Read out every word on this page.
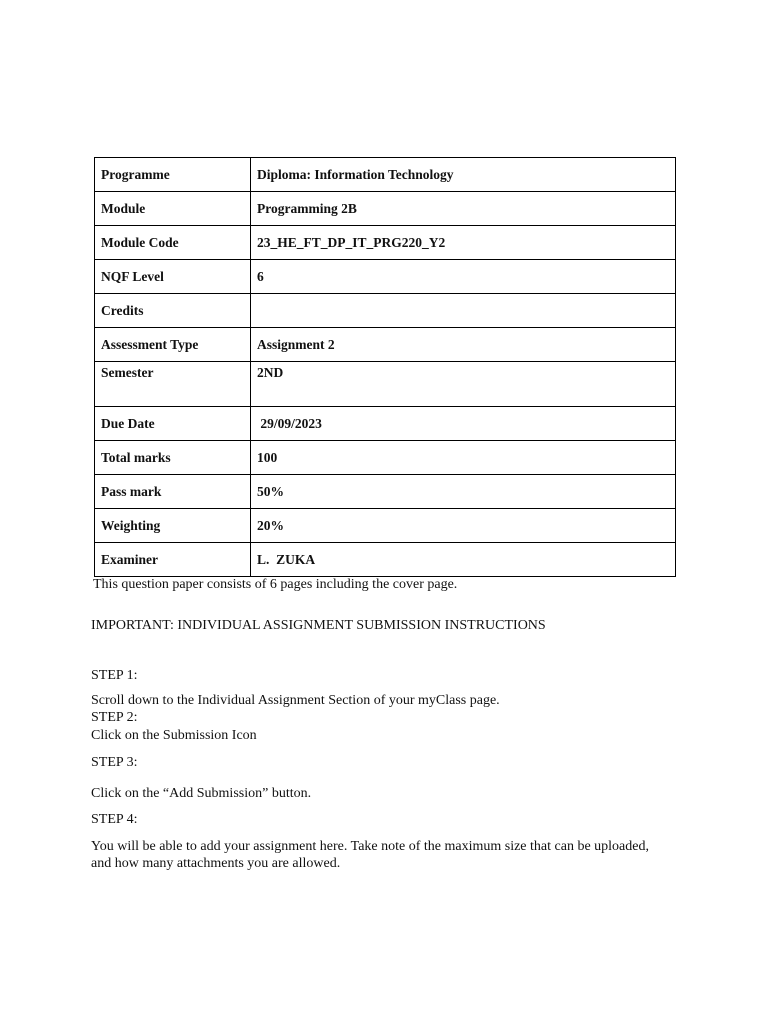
Programme	Diploma: Information Technology
Module	Programming 2B
Module Code	23_HE_FT_DP_IT_PRG220_Y2
NQF Level	6
Credits	
Assessment Type	Assignment 2
Semester	2ND
Due Date	29/09/2023
Total marks	100
Pass mark	50%
Weighting	20%
Examiner	L.  ZUKA

This question paper consists of 6 pages including the cover page.

IMPORTANT: INDIVIDUAL ASSIGNMENT SUBMISSION INSTRUCTIONS

STEP 1:

Scroll down to the Individual Assignment Section of your myClass page.

STEP 2:

Click on the Submission Icon

STEP 3:

Click on the “Add Submission” button.

STEP 4:

You will be able to add your assignment here. Take note of the maximum size that can be uploaded, and how many attachments you are allowed.
